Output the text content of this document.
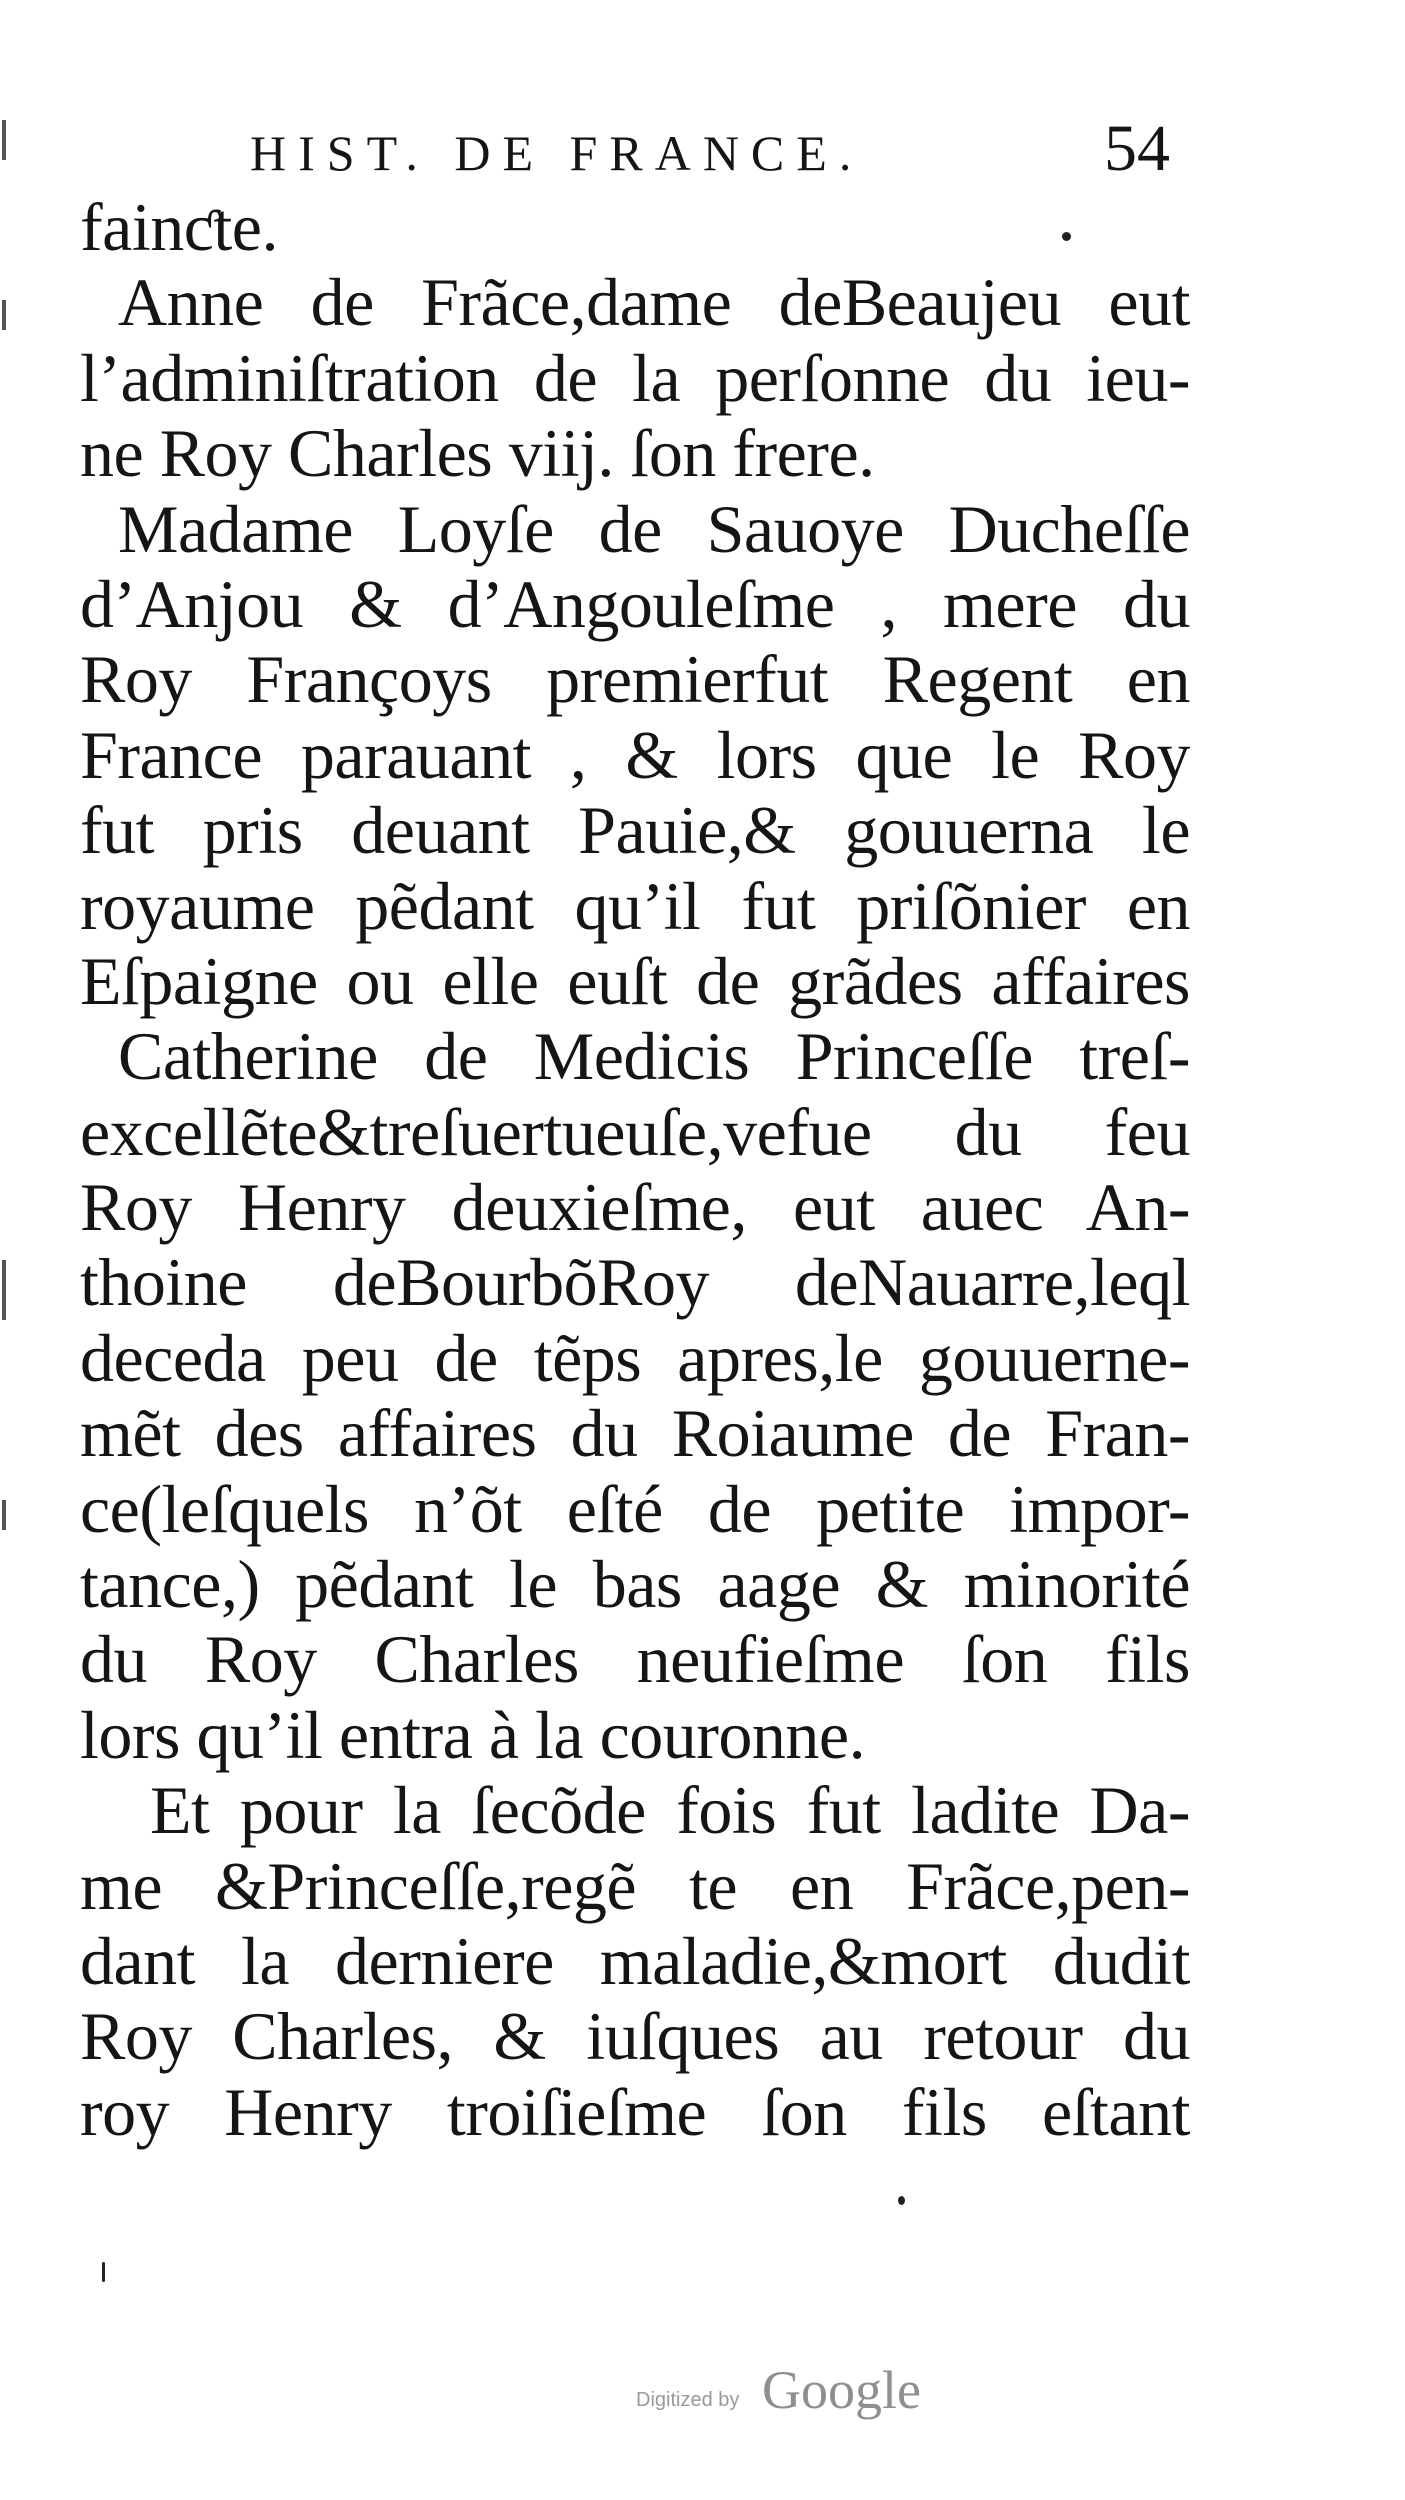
HIST. DE FRANCE.	54
fainƈte.
Anne de Frãce,dame deBeaujeu eut
l’adminiſtration de la perſonne du ieu-
ne Roy Charles viij. ſon frere.
Madame Loyſe de Sauoye Ducheſſe
d’Anjou & d’Angouleſme , mere du
Roy Françoys premierfut Regent en
France parauant , & lors que le Roy
fut pris deuant Pauie,& gouuerna le
royaume pẽdant qu’il fut priſõnier en
Eſpaigne ou elle euſt de grãdes affaires
Catherine de Medicis Princeſſe treſ-
excellẽte&treſuertueuſe,vefue du feu
Roy Henry deuxieſme, eut auec An-
thoine deBourbõRoy deNauarre,leql
deceda peu de tẽps apres,le gouuerne-
mẽt des affaires du Roiaume de Fran-
ce(leſquels n’õt eſté de petite impor-
tance,) pẽdant le bas aage & minorité
du Roy Charles neufieſme ſon fils
lors qu’il entra à la couronne.
Et pour la ſecõde fois fut ladite Da-
me &Princeſſe,regẽ te en Frãce,pen-
dant la derniere maladie,&mort dudit
Roy Charles, & iuſques au retour du
roy Henry troiſieſme ſon fils eſtant
Digitized by Google
